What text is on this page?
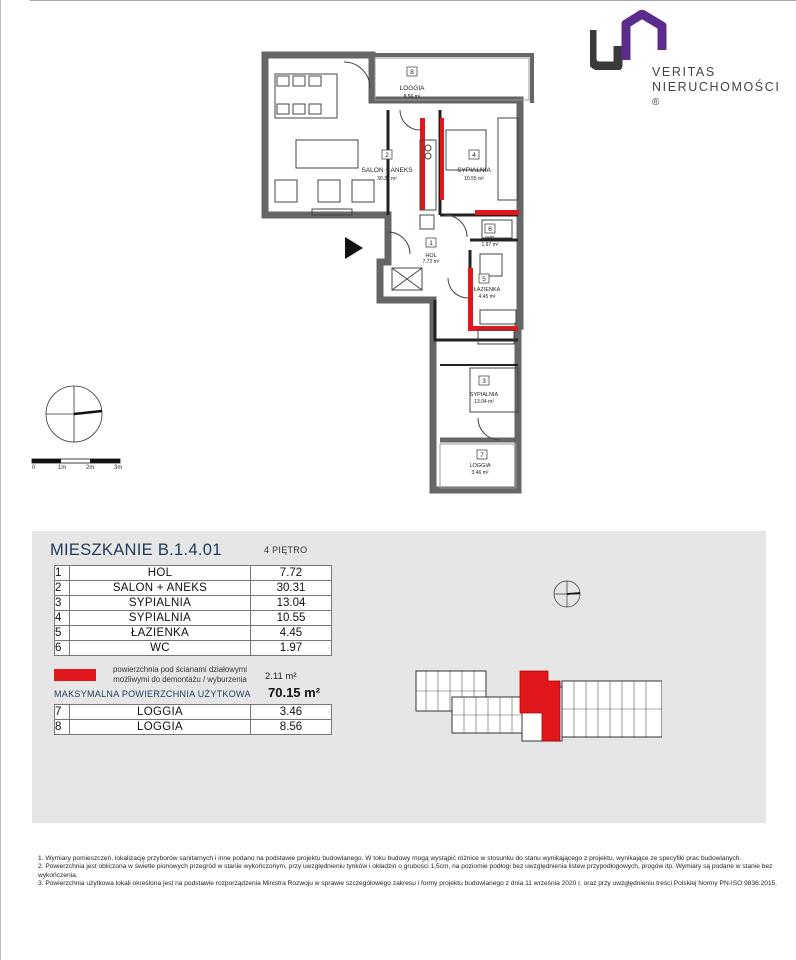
VERITAS
NIERUCHOMOŚCI ®
8
LOGGIA
8.56 m²
2
SALON + ANEKS
30.31 m²
4
SYPIALNIA
10.55 m²
6
WC
1.97 m²
1
HOL
7.72 m²
5
ŁAZIENKA
4.45 m²
3
SYPIALNIA
13.04 m²
7
LOGGIA
3.46 m²
0	1m	2m	3m
MIESZKANIE B.1.4.01	4 PIĘTRO
1	HOL	7.72
2	SALON + ANEKS	30.31
3	SYPIALNIA	13.04
4	SYPIALNIA	10.55
5	ŁAZIENKA	4.45
6	WC	1.97
powierzchnia pod ścianami działowymi
możliwymi do demontażu / wyburzenia	2.11 m²
MAKSYMALNA POWIERZCHNIA UŻYTKOWA 70.15 m²
7	LOGGIA	3.46
8	LOGGIA	8.56

1. Wymiary pomieszczeń, lokalizację przyborów sanitarnych i inne podano na podstawie projektu budowlanego. W toku budowy mogą wystąpić różnice w stosunku do stanu wynikającego z projektu, wynikające ze specyfiki prac budowlanych.

2. Powierzchnia jest obliczona w świetle pionowych przegród w stanie wykończonym, przy uwzględnieniu tynków i okładzin o grubości 1,5cm, na poziomie podłogi bez uwzględnienia listew przypodłogowych, progów itp. Wymiary są podane w stanie bez wykończenia.

3. Powierzchnia użytkowa lokali określona jest na podstawie rozporządzenia Ministra Rozwoju w sprawie szczegółowego zakresu i formy projektu budowlanego z dnia 11 września 2020 r. oraz przy uwzględnieniu treści Polskiej Normy PN-ISO 9836:2015.
